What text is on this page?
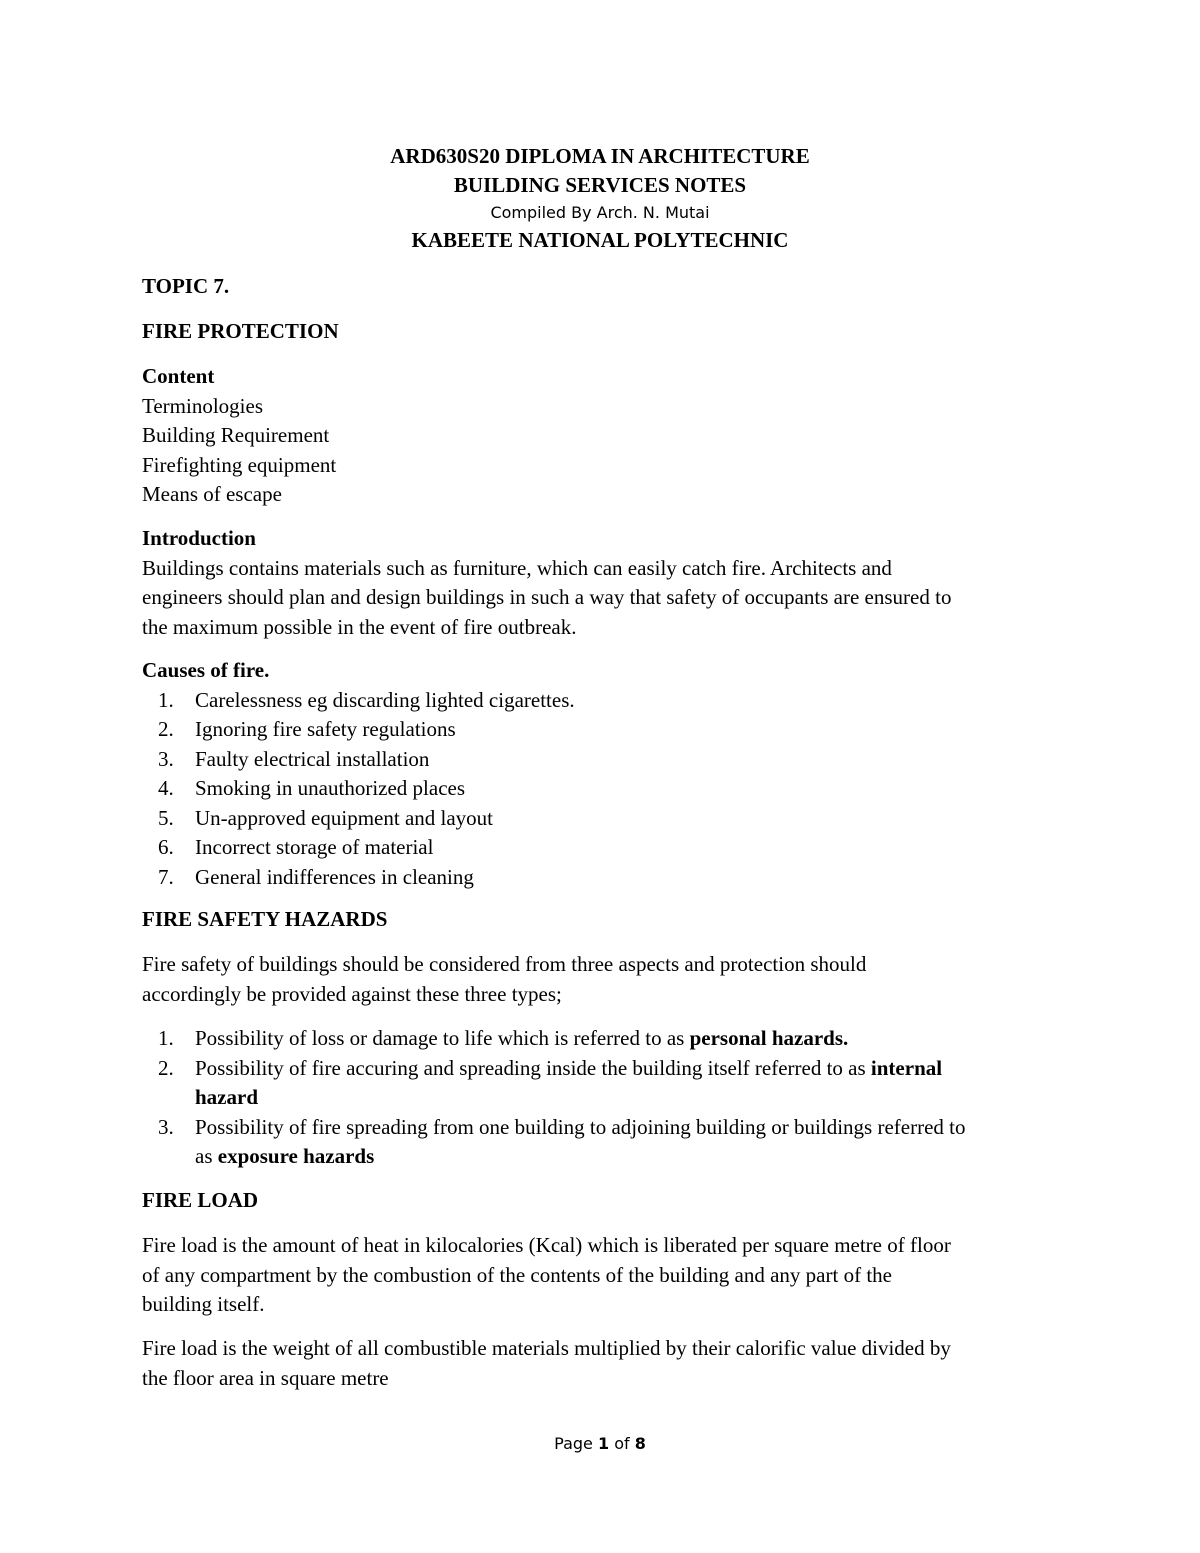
ARD630S20 DIPLOMA IN ARCHITECTURE
BUILDING SERVICES NOTES
Compiled By Arch. N. Mutai
KABEETE NATIONAL POLYTECHNIC
TOPIC 7.
FIRE PROTECTION
Content
Terminologies
Building Requirement
Firefighting equipment
Means of escape
Introduction
Buildings contains materials such as furniture, which can easily catch fire. Architects and
engineers should plan and design buildings in such a way that safety of occupants are ensured to
the maximum possible in the event of fire outbreak.
Causes of fire.
1. Carelessness eg discarding lighted cigarettes.
2. Ignoring fire safety regulations
3. Faulty electrical installation
4. Smoking in unauthorized places
5. Un-approved equipment and layout
6. Incorrect storage of material
7. General indifferences in cleaning
FIRE SAFETY HAZARDS
Fire safety of buildings should be considered from three aspects and protection should
accordingly be provided against these three types;
1. Possibility of loss or damage to life which is referred to as personal hazards.
2. Possibility of fire accuring and spreading inside the building itself referred to as internal
hazard
3. Possibility of fire spreading from one building to adjoining building or buildings referred to
as exposure hazards
FIRE LOAD
Fire load is the amount of heat in kilocalories (Kcal) which is liberated per square metre of floor
of any compartment by the combustion of the contents of the building and any part of the
building itself.
Fire load is the weight of all combustible materials multiplied by their calorific value divided by
the floor area in square metre
Page 1 of 8
